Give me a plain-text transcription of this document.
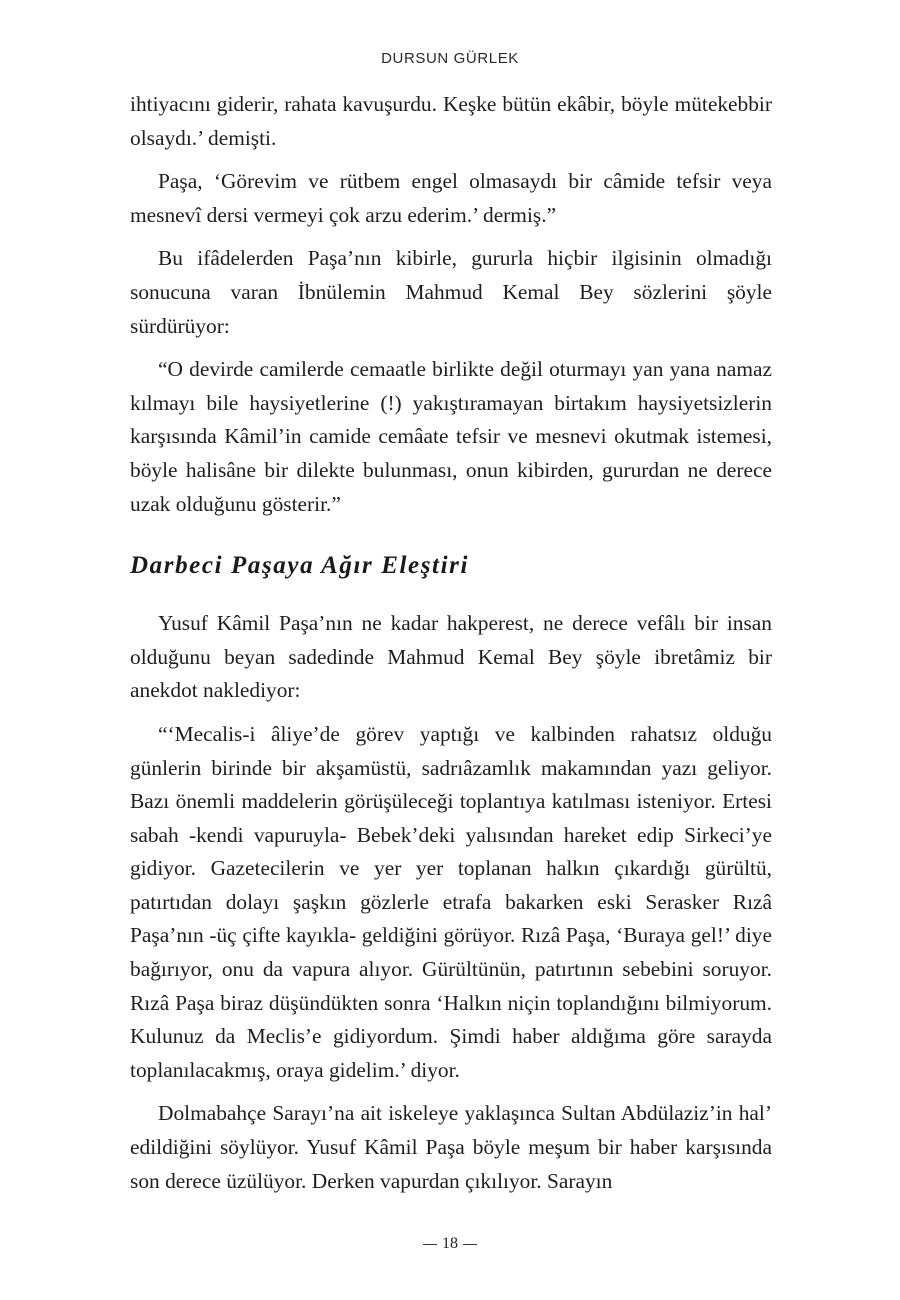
DURSUN GÜRLEK

ihtiyacını giderir, rahata kavuşurdu. Keşke bütün ekâbir, böyle mütekebbir olsaydı.’ demişti.

Paşa, ‘Görevim ve rütbem engel olmasaydı bir câmide tefsir veya mesnevî dersi vermeyi çok arzu ederim.’ dermiş.”

Bu ifâdelerden Paşa’nın kibirle, gururla hiçbir ilgisinin olmadığı sonucuna varan İbnülemin Mahmud Kemal Bey sözlerini şöyle sürdürüyor:

“O devirde camilerde cemaatle birlikte değil oturmayı yan yana namaz kılmayı bile haysiyetlerine (!) yakıştıramayan birtakım haysiyetsizlerin karşısında Kâmil’in camide cemâate tefsir ve mesnevi okutmak istemesi, böyle halisâne bir dilekte bulunması, onun kibirden, gururdan ne derece uzak olduğunu gösterir.”

Darbeci Paşaya Ağır Eleştiri

Yusuf Kâmil Paşa’nın ne kadar hakperest, ne derece vefâlı bir insan olduğunu beyan sadedinde Mahmud Kemal Bey şöyle ibretâmiz bir anekdot naklediyor:

“‘Mecalis-i âliye’de görev yaptığı ve kalbinden rahatsız olduğu günlerin birinde bir akşamüstü, sadrıâzamlık makamından yazı geliyor. Bazı önemli maddelerin görüşüleceği toplantıya katılması isteniyor. Ertesi sabah -kendi vapuruyla- Bebek’deki yalısından hareket edip Sirkeci’ye gidiyor. Gazetecilerin ve yer yer toplanan halkın çıkardığı gürültü, patırtıdan dolayı şaşkın gözlerle etrafa bakarken eski Serasker Rızâ Paşa’nın -üç çifte kayıkla- geldiğini görüyor. Rızâ Paşa, ‘Buraya gel!’ diye bağırıyor, onu da vapura alıyor. Gürültünün, patırtının sebebini soruyor. Rızâ Paşa biraz düşündükten sonra ‘Halkın niçin toplandığını bilmiyorum. Kulunuz da Meclis’e gidiyordum. Şimdi haber aldığıma göre sarayda toplanılacakmış, oraya gidelim.’ diyor.

Dolmabahçe Sarayı’na ait iskeleye yaklaşınca Sultan Abdülaziz’in hal’ edildiğini söylüyor. Yusuf Kâmil Paşa böyle meşum bir haber karşısında son derece üzülüyor. Derken vapurdan çıkılıyor. Sarayın

18
